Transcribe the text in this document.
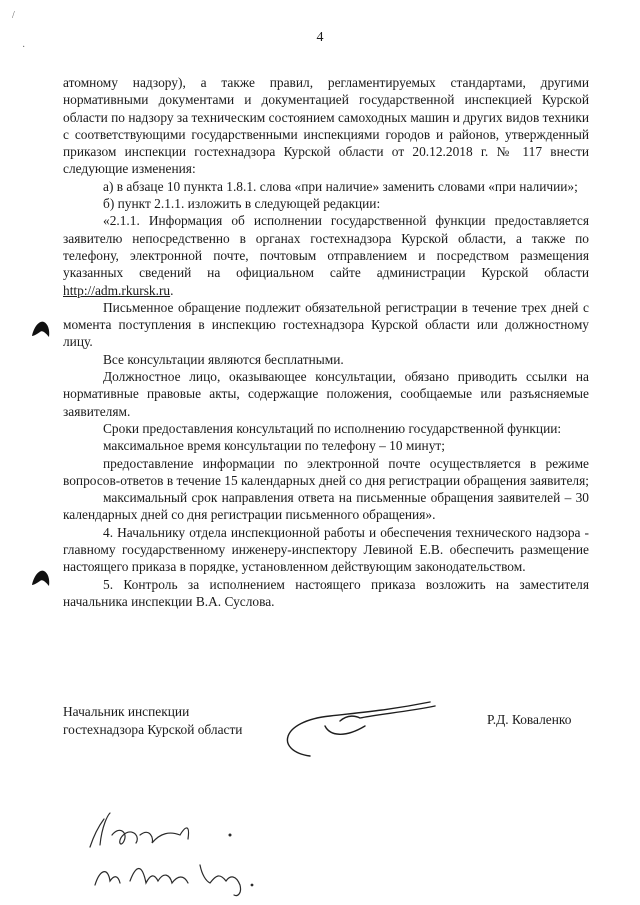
4

атомному надзору), а также правил, регламентируемых стандартами, другими нормативными документами и документацией государственной инспекцией Курской области по надзору за техническим состоянием самоходных машин и других видов техники с соответствующими государственными инспекциями городов и районов, утвержденный приказом инспекции гостехнадзора Курской области от 20.12.2018 г. № 117 внести следующие изменения:

а) в абзаце 10 пункта 1.8.1. слова «при наличие» заменить словами «при наличии»;

б) пункт 2.1.1. изложить в следующей редакции:

«2.1.1. Информация об исполнении государственной функции предоставляется заявителю непосредственно в органах гостехнадзора Курской области, а также по телефону, электронной почте, почтовым отправлением и посредством размещения указанных сведений на официальном сайте администрации Курской области http://adm.rkursk.ru.

Письменное обращение подлежит обязательной регистрации в течение трех дней с момента поступления в инспекцию гостехнадзора Курской области или должностному лицу.

Все консультации являются бесплатными.

Должностное лицо, оказывающее консультации, обязано приводить ссылки на нормативные правовые акты, содержащие положения, сообщаемые или разъясняемые заявителям.

Сроки предоставления консультаций по исполнению государственной функции:

максимальное время консультации по телефону – 10 минут;

предоставление информации по электронной почте осуществляется в режиме вопросов-ответов в течение 15 календарных дней со дня регистрации обращения заявителя;

максимальный срок направления ответа на письменные обращения заявителей – 30 календарных дней со дня регистрации письменного обращения».

4. Начальнику отдела инспекционной работы и обеспечения технического надзора - главному государственному инженеру-инспектору Левиной Е.В. обеспечить размещение настоящего приказа в порядке, установленном действующим законодательством.

5. Контроль за исполнением настоящего приказа возложить на заместителя начальника инспекции В.А. Суслова.

Начальник инспекции
гостехнадзора Курской области
Р.Д. Коваленко
/
·
